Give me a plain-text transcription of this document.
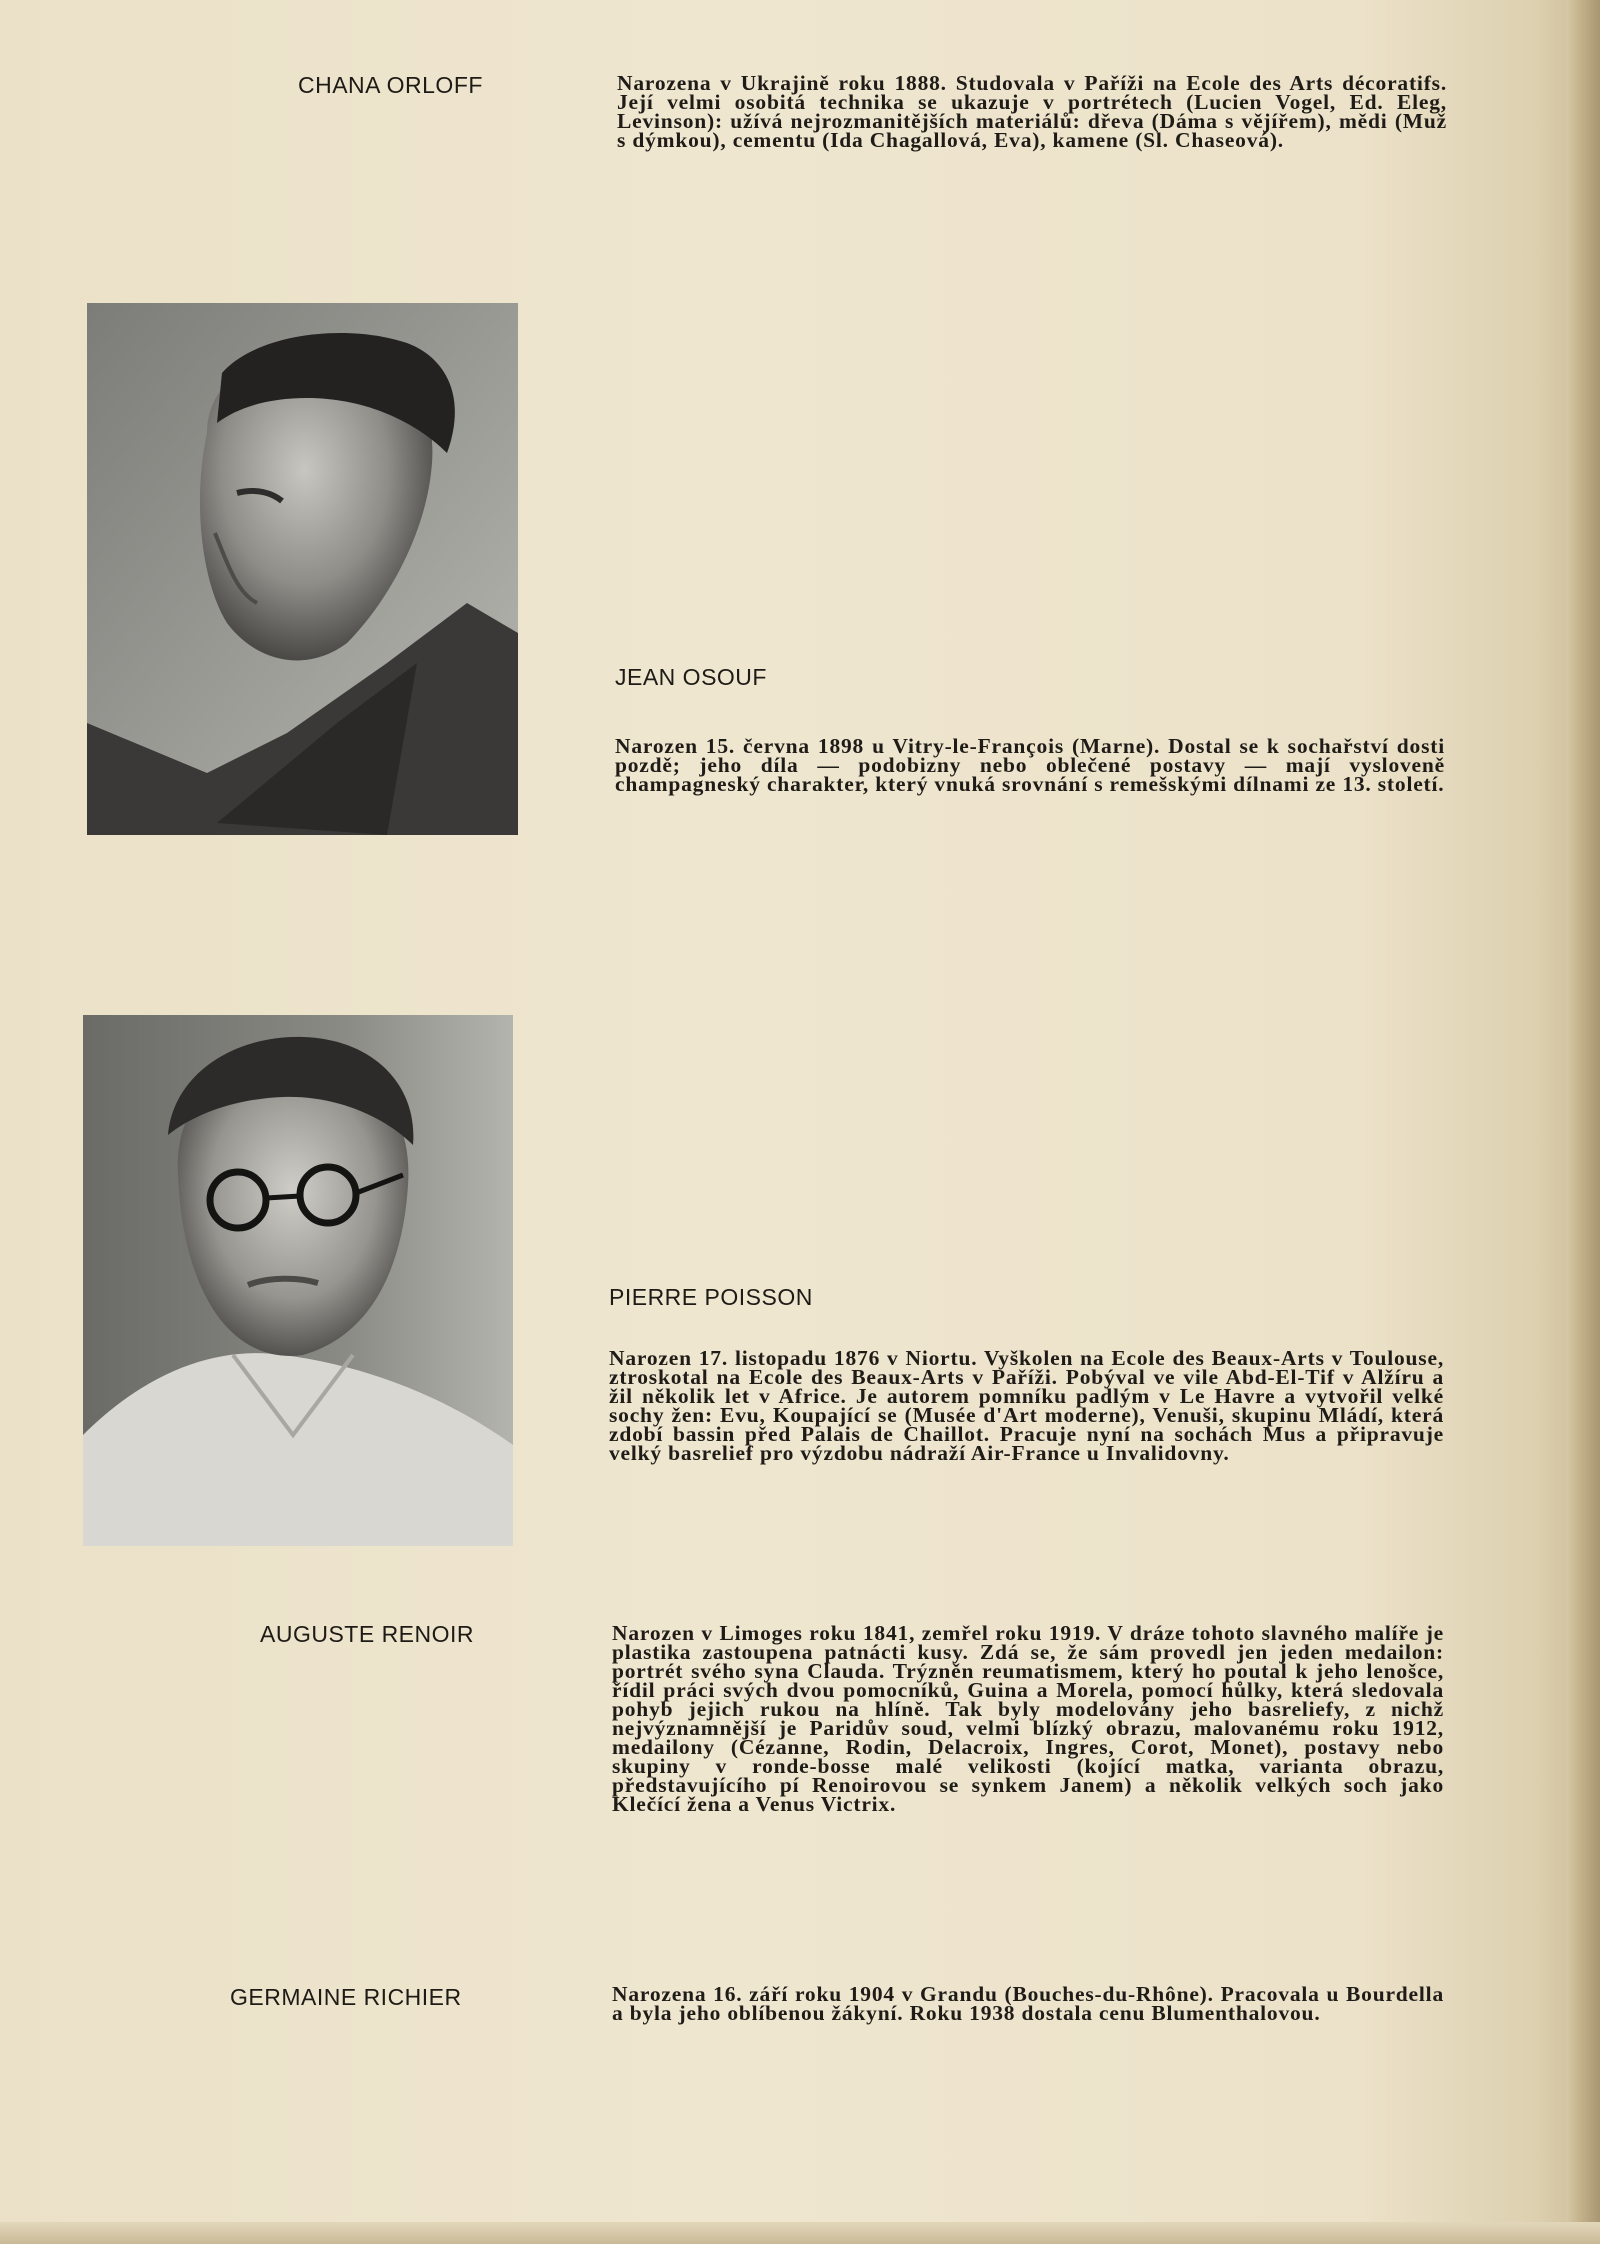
CHANA ORLOFF	Narozena v Ukrajině roku 1888. Studovala v Paříži na Ecole des Arts décoratifs. Její velmi osobitá technika se ukazuje v portrétech (Lucien Vogel, Ed. Eleg, Levinson): užívá nejrozmanitějších materiálů: dřeva (Dáma s vějířem), mědi (Muž s dýmkou), cementu (Ida Chagallová, Eva), kamene (Sl. Chaseová).

JEAN OSOUF

Narozen 15. června 1898 u Vitry-le-François (Marne). Dostal se k sochařství dosti pozdě; jeho díla — podobizny nebo oblečené postavy — mají vysloveně champagneský charakter, který vnuká srovnání s remešskými dílnami ze 13. století.

PIERRE POISSON

Narozen 17. listopadu 1876 v Niortu. Vyškolen na Ecole des Beaux-Arts v Toulouse, ztroskotal na Ecole des Beaux-Arts v Paříži. Pobýval ve vile Abd-El-Tif v Alžíru a žil několik let v Africe. Je autorem pomníku padlým v Le Havre a vytvořil velké sochy žen: Evu, Koupající se (Musée d'Art moderne), Venuši, skupinu Mládí, která zdobí bassin před Palais de Chaillot. Pracuje nyní na sochách Mus a připravuje velký basrelief pro výzdobu nádraží Air-France u Invalidovny.

AUGUSTE RENOIR	Narozen v Limoges roku 1841, zemřel roku 1919. V dráze tohoto slavného malíře je plastika zastoupena patnácti kusy. Zdá se, že sám provedl jen jeden medailon: portrét svého syna Clauda. Trýzněn reumatismem, který ho poutal k jeho lenošce, řídil práci svých dvou pomocníků, Guina a Morela, pomocí hůlky, která sledovala pohyb jejich rukou na hlíně. Tak byly modelovány jeho basreliefy, z nichž nejvýznamnější je Paridův soud, velmi blízký obrazu, malovanému roku 1912, medailony (Cézanne, Rodin, Delacroix, Ingres, Corot, Monet), postavy nebo skupiny v ronde-bosse malé velikosti (kojící matka, varianta obrazu, představujícího pí Renoirovou se synkem Janem) a několik velkých soch jako Klečící žena a Venus Victrix.

GERMAINE RICHIER	Narozena 16. září roku 1904 v Grandu (Bouches-du-Rhône). Pracovala u Bourdella a byla jeho oblíbenou žákyní. Roku 1938 dostala cenu Blumenthalovou.
